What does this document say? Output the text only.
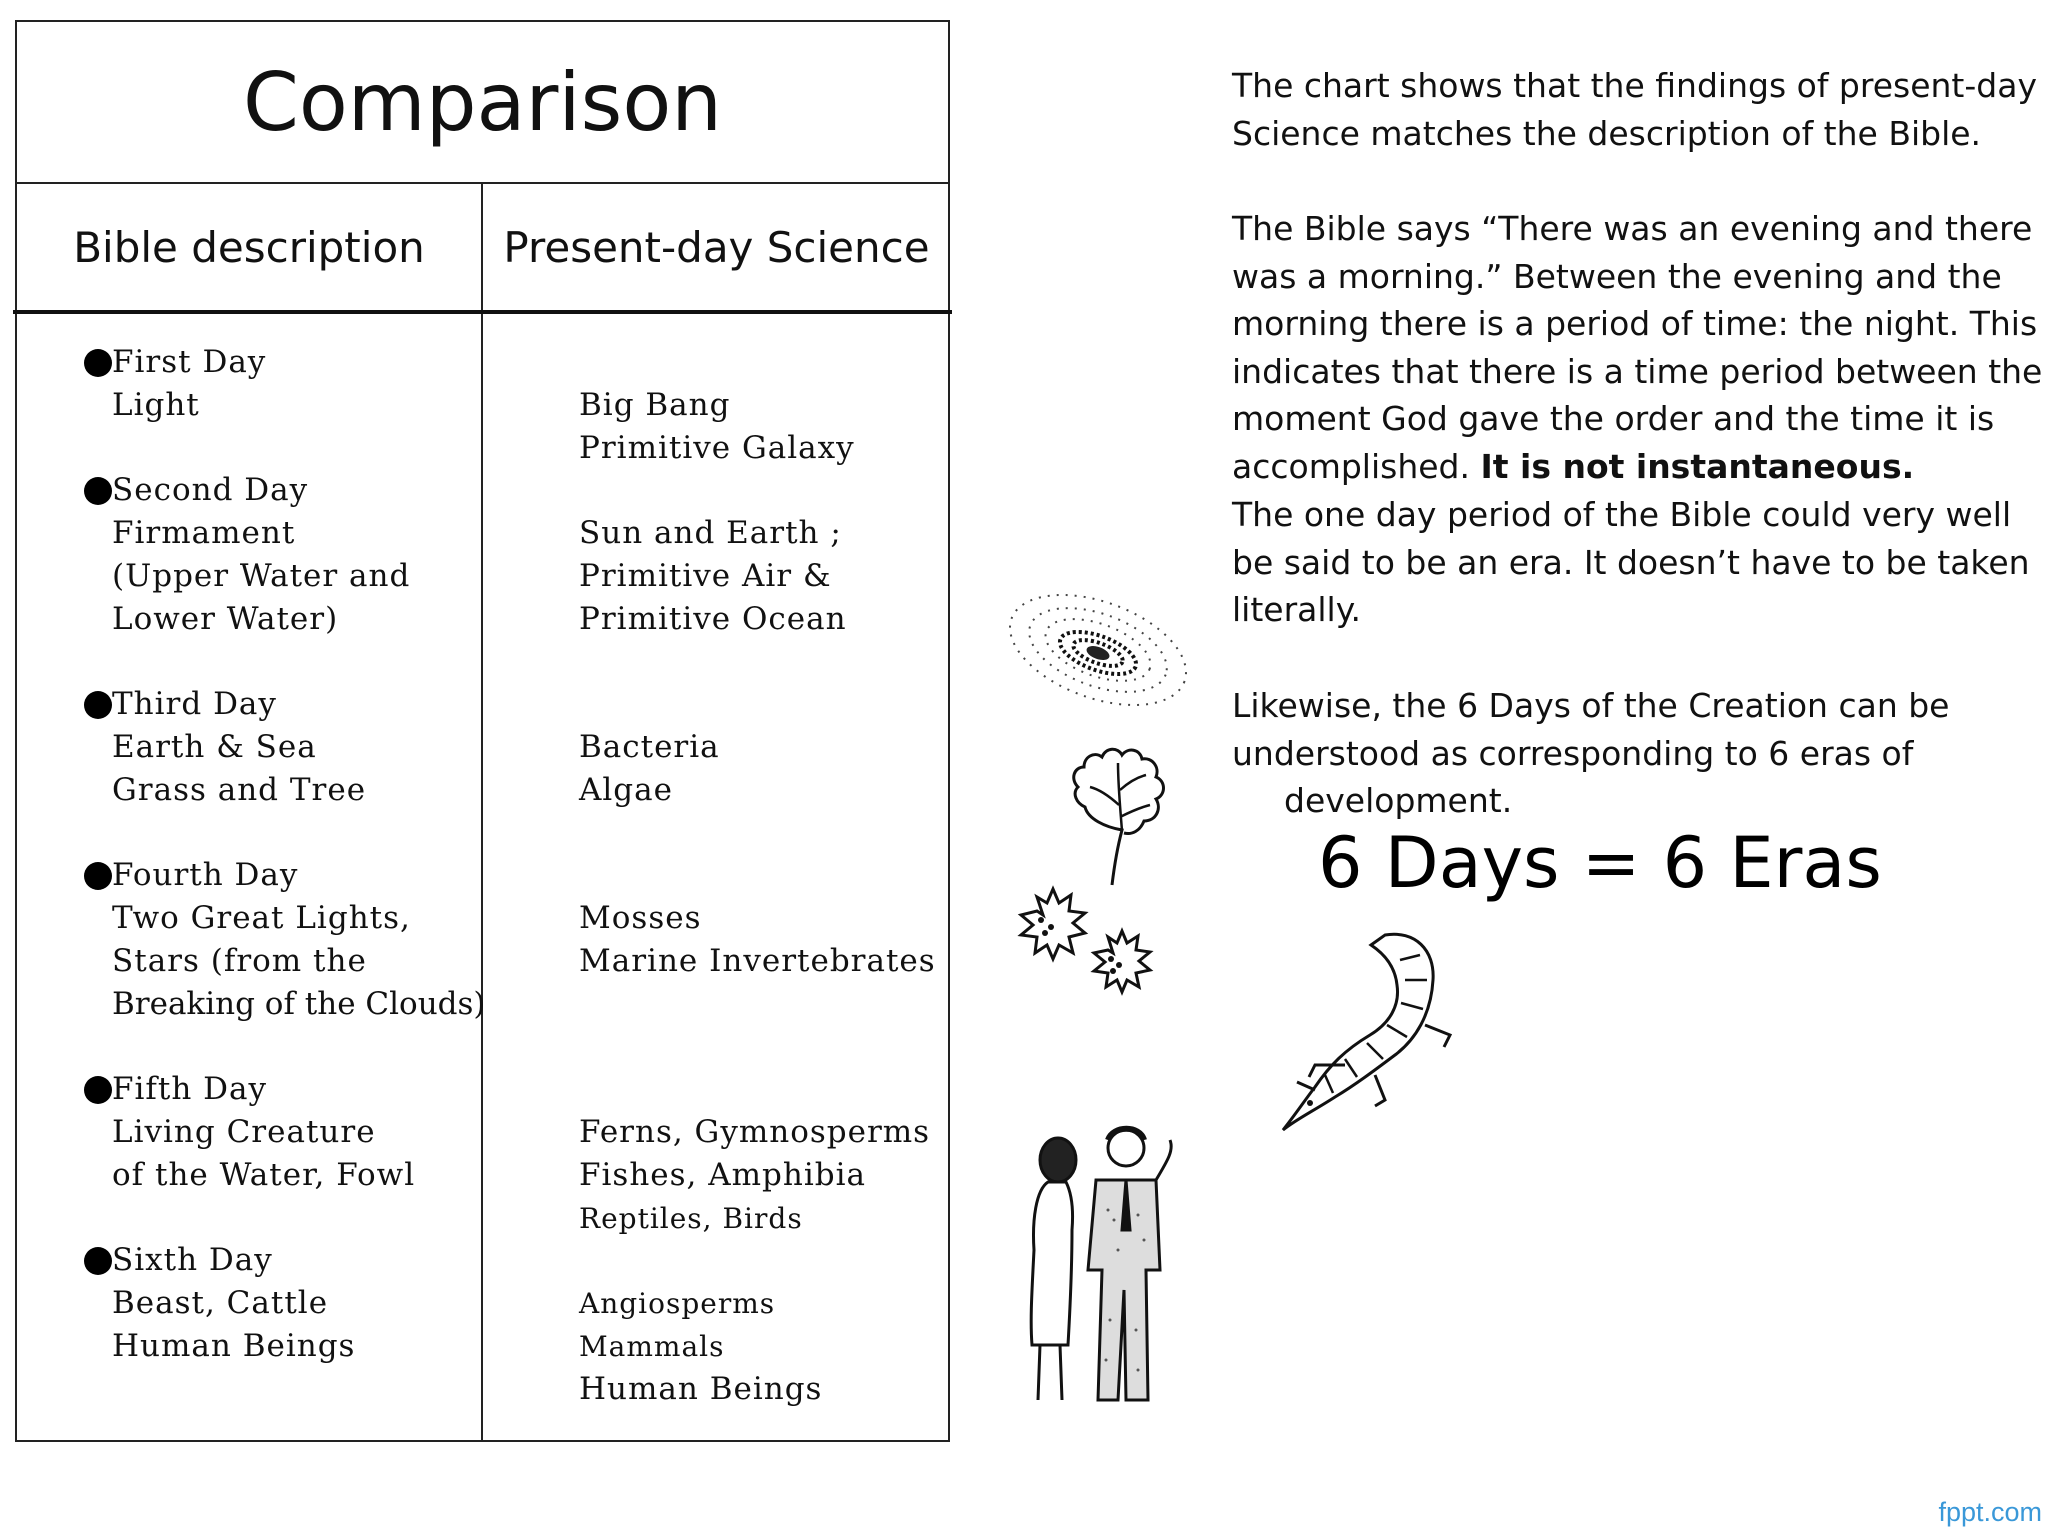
Comparison
Bible description	Present-day Science
First Day
Light	Big Bang
Primitive Galaxy
Second Day
Firmament
(Upper Water and
Lower Water)
Sun and Earth ;
Primitive Air &
Primitive Ocean
Third Day
Earth & Sea
Grass and Tree
Bacteria
Algae
Fourth Day
Two Great Lights,
Stars (from the
Breaking of the Clouds)
Mosses
Marine Invertebrates
Fifth Day
Living Creature
of the Water, Fowl
Ferns, Gymnosperms
Fishes, Amphibia
Reptiles, Birds
Sixth Day
Beast, Cattle
Human Beings
Angiosperms
Mammals
Human Beings
The chart shows that the findings of present-day
Science matches the description of the Bible.
The Bible says “There was an evening and there
was a morning.” Between the evening and the
morning there is a period of time: the night. This
indicates that there is a time period between the
moment God gave the order and the time it is
accomplished. It is not instantaneous.
The one day period of the Bible could very well
be said to be an era. It doesn’t have to be taken
literally.
Likewise, the 6 Days of the Creation can be
understood as corresponding to 6 eras of
development.
6 Days = 6 Eras
fppt.com
